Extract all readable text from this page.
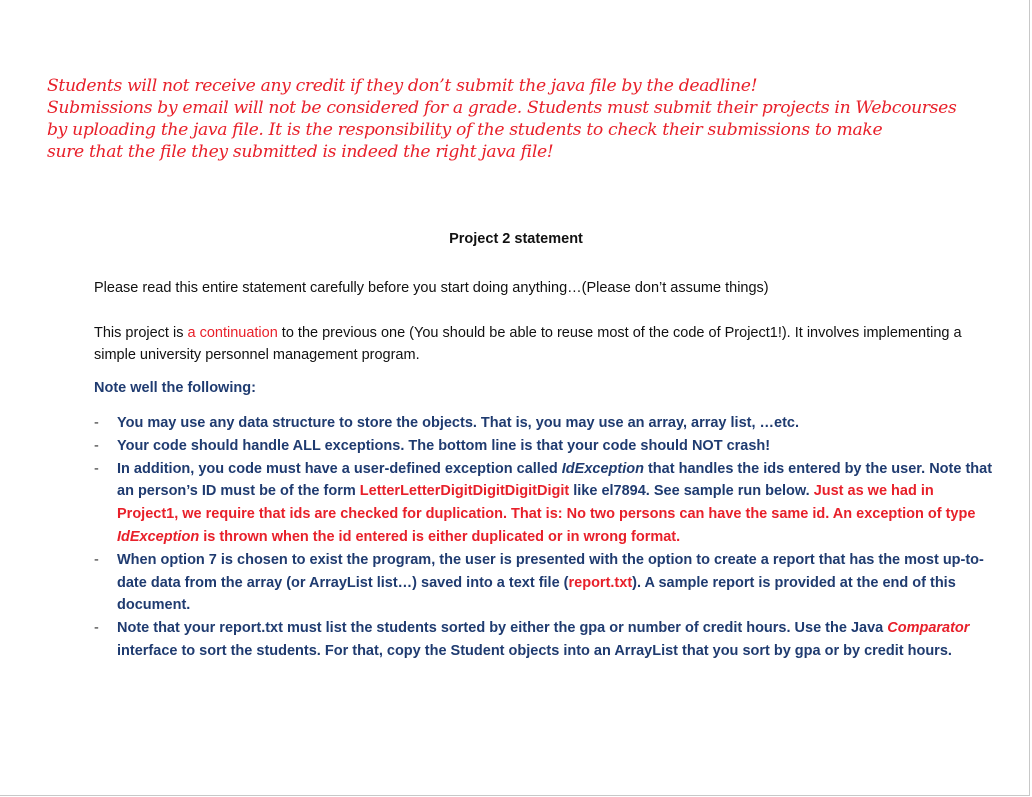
Students will not receive any credit if they don’t submit the java file by the deadline!
Submissions by email will not be considered for a grade. Students must submit their projects in Webcourses
by uploading the java file. It is the responsibility of the students to check their submissions to make
sure that the file they submitted is indeed the right java file!
Project 2 statement
Please read this entire statement carefully before you start doing anything…(Please don’t assume things)
This project is a continuation to the previous one (You should be able to reuse most of the code of Project1!). It involves implementing a simple university personnel management program.
Note well the following:
- You may use any data structure to store the objects. That is, you may use an array, array list, …etc.
- Your code should handle ALL exceptions. The bottom line is that your code should NOT crash!
- In addition, you code must have a user-defined exception called IdException that handles the ids entered by the user. Note that an person’s ID must be of the form LetterLetterDigitDigitDigitDigit like el7894. See sample run below. Just as we had in Project1, we require that ids are checked for duplication. That is: No two persons can have the same id. An exception of type IdException is thrown when the id entered is either duplicated or in wrong format.
- When option 7 is chosen to exist the program, the user is presented with the option to create a report that has the most up-to-date data from the array (or ArrayList list…) saved into a text file (report.txt). A sample report is provided at the end of this document.
- Note that your report.txt must list the students sorted by either the gpa or number of credit hours. Use the Java Comparator interface to sort the students. For that, copy the Student objects into an ArrayList that you sort by gpa or by credit hours.
